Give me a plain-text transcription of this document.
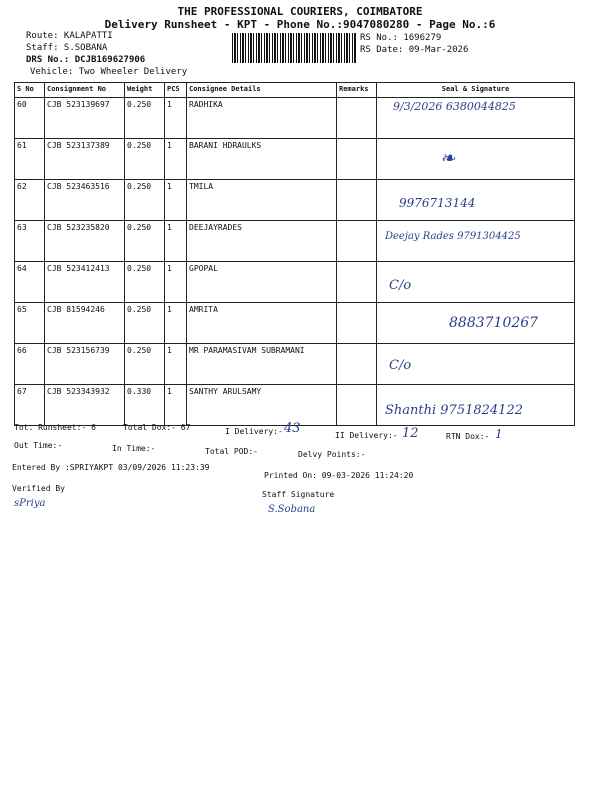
THE PROFESSIONAL COURIERS, COIMBATORE
Delivery Runsheet - KPT - Phone No.:9047080280 - Page No.:6
Route: KALAPATTI
Staff: S.SOBANA
DRS No.: DCJB169627906
Vehicle: Two Wheeler Delivery
RS No.: 1696279
RS Date: 09-Mar-2026
S No	Consignment No	Weight	PCS	Consignee Details	Remarks	Seal & Signature
60	CJB 523139697	0.250	1	RADHIKA		9/3/2026 6380044825
61	CJB 523137389	0.250	1	BARANI HDRAULKS		
62	CJB 523463516	0.250	1	TMILA		9976713144
63	CJB 523235820	0.250	1	DEEJAYRADES		Deejay Rades 9791304425
64	CJB 523412413	0.250	1	GPOPAL		C/o
65	CJB 81594246	0.250	1	AMRITA		8883710267
66	CJB 523156739	0.250	1	MR PARAMASIVAM SUBRAMANI		C/o
67	CJB 523343932	0.330	1	SANTHY ARULSAMY		Shanthi 9751824122
❧
Tot. Runsheet:- 6	Total Dox:- 67	I Delivery:- 43	II Delivery:- 12	RTN Dox:- 1
Out Time:-	In Time:-	Total POD:-	Delvy Points:-
Entered By :SPRIYAKPT 03/09/2026 11:23:39
Printed On: 09-03-2026 11:24:20
Verified By
sPriya
Staff Signature
S.Sobana
